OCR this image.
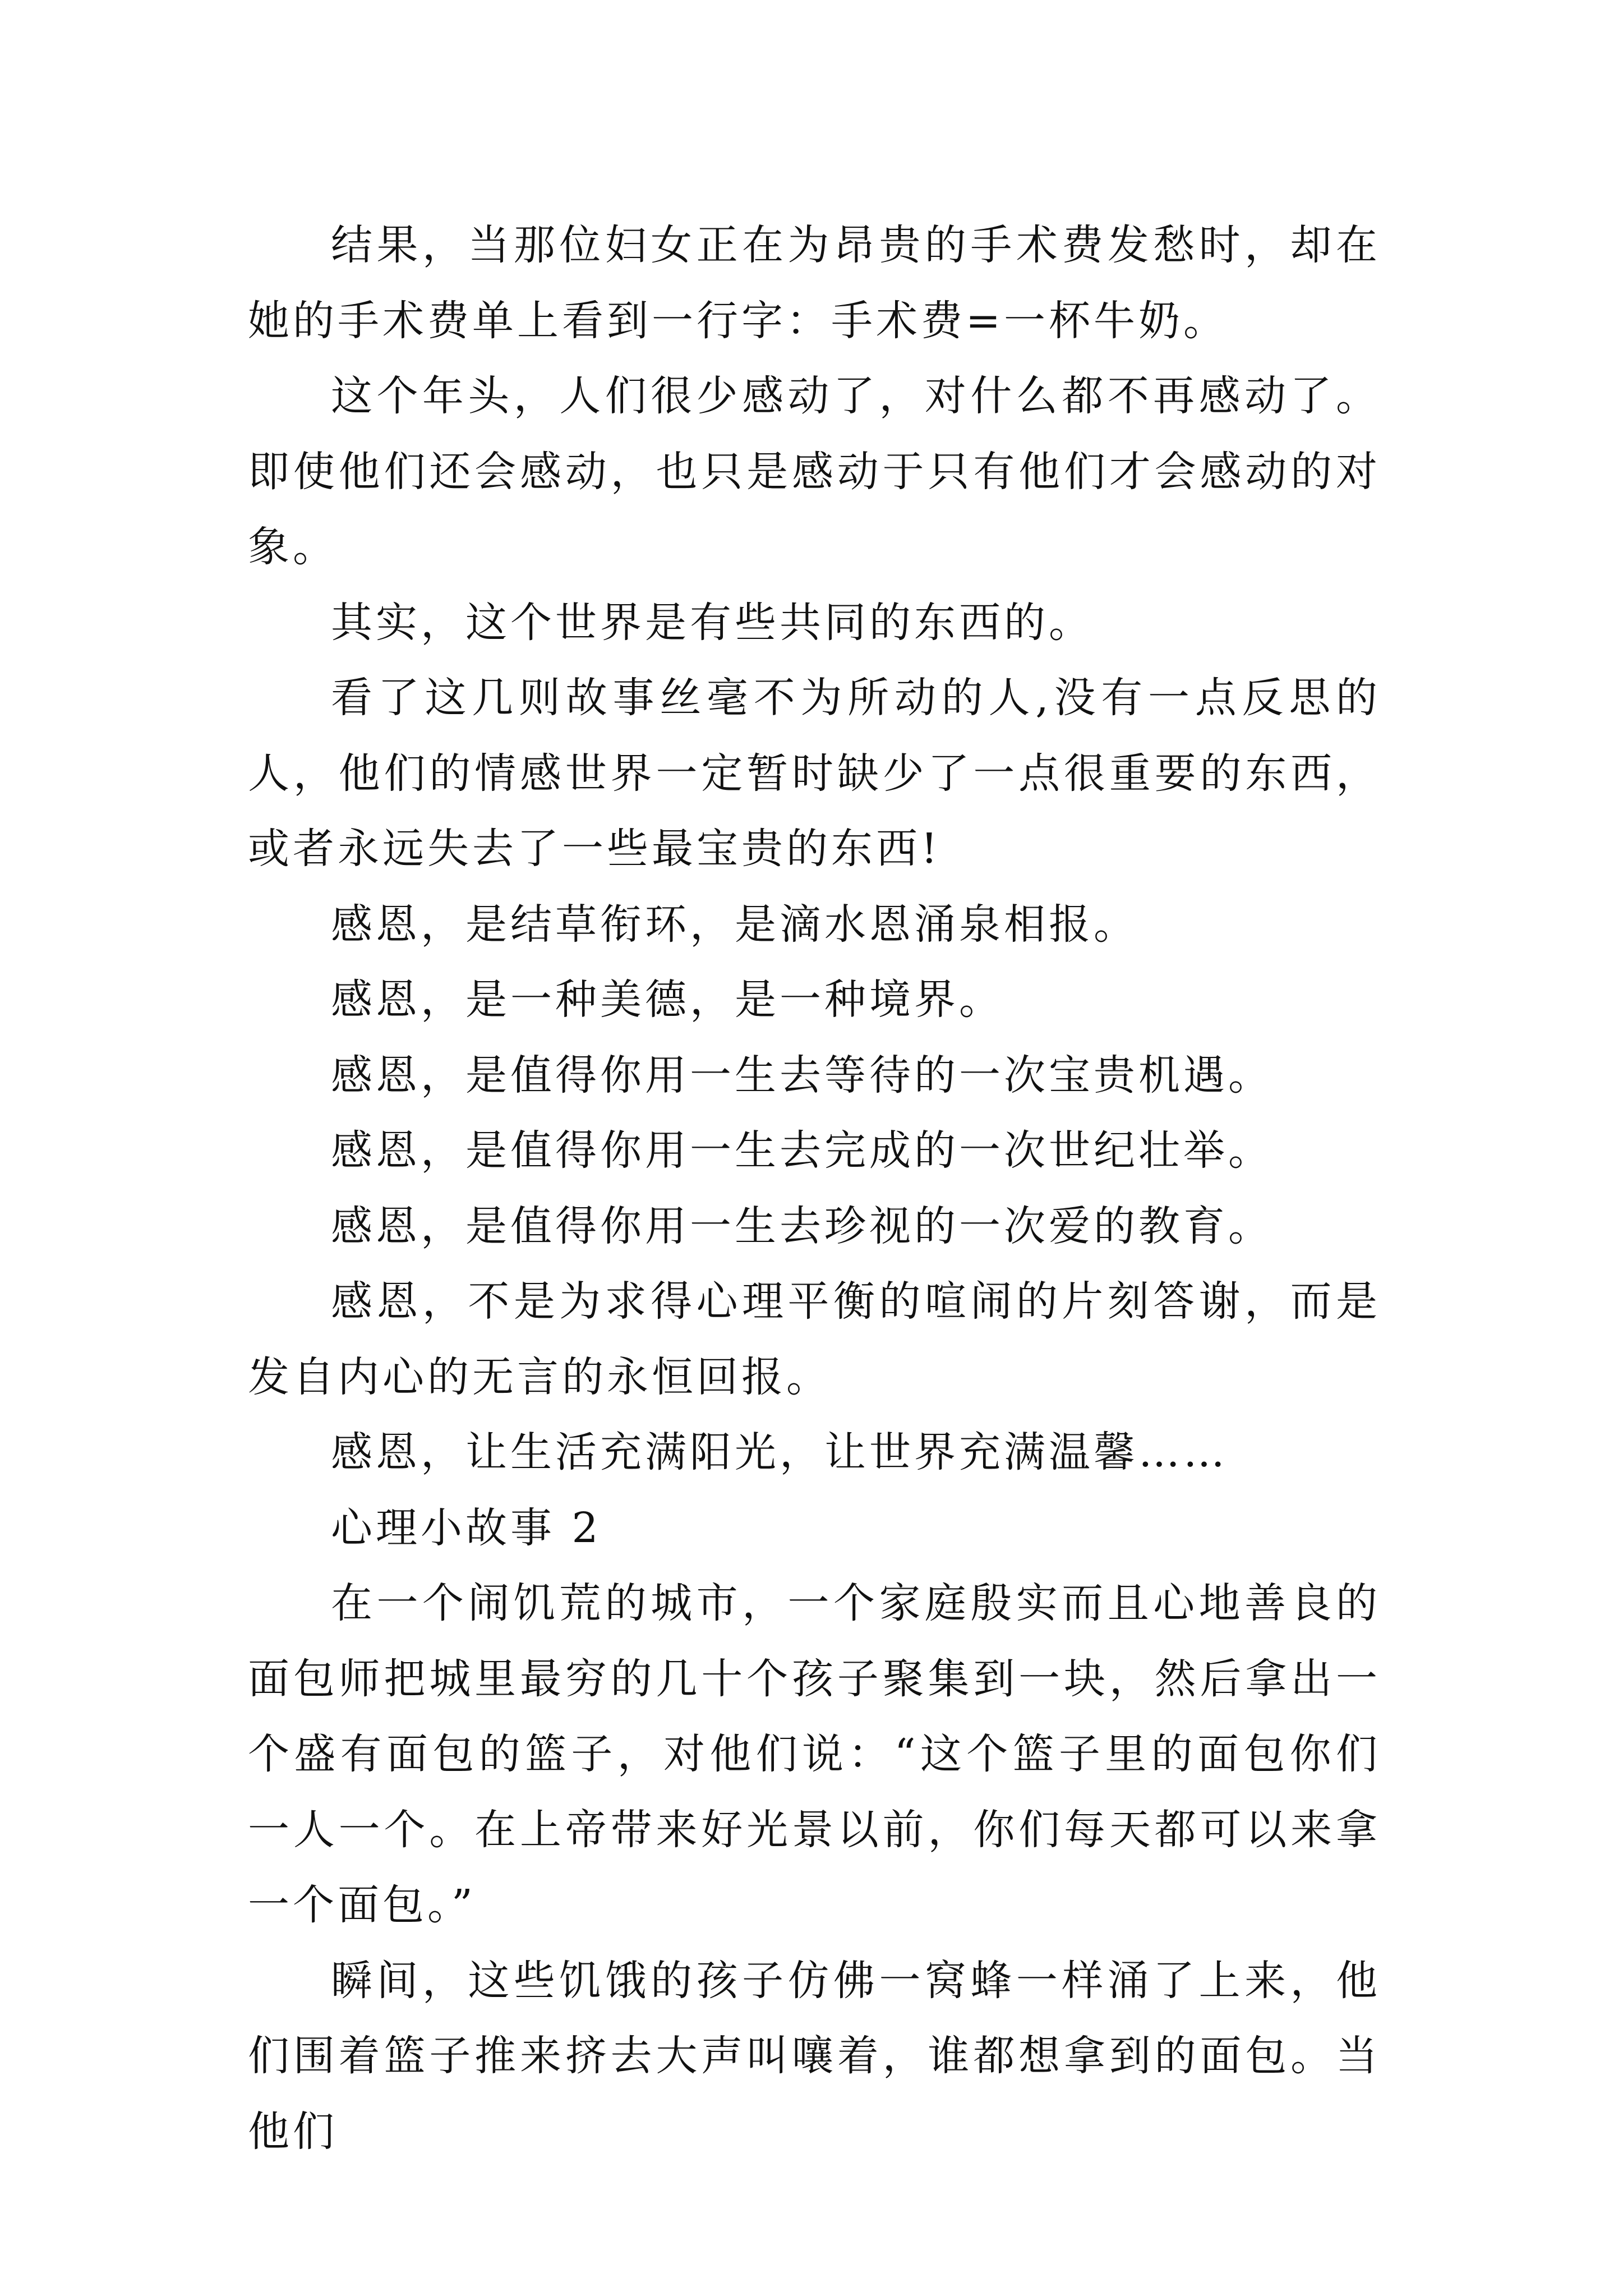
结果，当那位妇女正在为昂贵的手术费发愁时，却在她的手术费单上看到一行字：手术费=一杯牛奶。

这个年头，人们很少感动了，对什么都不再感动了。即使他们还会感动，也只是感动于只有他们才会感动的对象。

其实，这个世界是有些共同的东西的。

看了这几则故事丝毫不为所动的人,没有一点反思的人，他们的情感世界一定暂时缺少了一点很重要的东西，或者永远失去了一些最宝贵的东西!

感恩，是结草衔环，是滴水恩涌泉相报。

感恩，是一种美德，是一种境界。

感恩，是值得你用一生去等待的一次宝贵机遇。

感恩，是值得你用一生去完成的一次世纪壮举。

感恩，是值得你用一生去珍视的一次爱的教育。

感恩，不是为求得心理平衡的喧闹的片刻答谢，而是发自内心的无言的永恒回报。

感恩，让生活充满阳光，让世界充满温馨……

心理小故事 2

在一个闹饥荒的城市，一个家庭殷实而且心地善良的面包师把城里最穷的几十个孩子聚集到一块，然后拿出一个盛有面包的篮子，对他们说：“这个篮子里的面包你们一人一个。在上帝带来好光景以前，你们每天都可以来拿一个面包。”

瞬间，这些饥饿的孩子仿佛一窝蜂一样涌了上来，他们围着篮子推来挤去大声叫嚷着，谁都想拿到的面包。当他们
